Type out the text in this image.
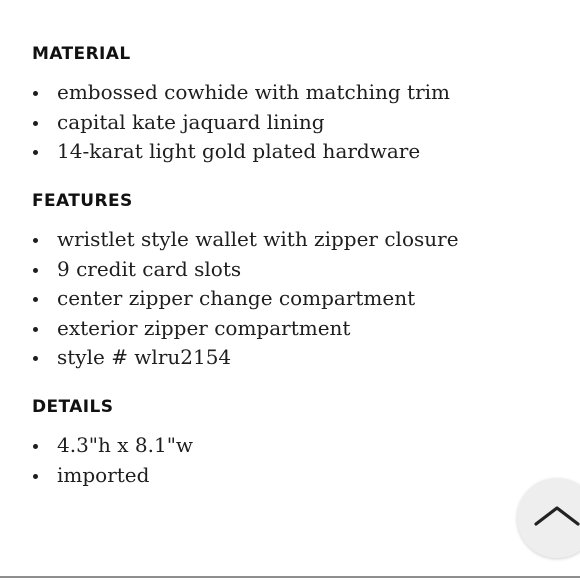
MATERIAL
embossed cowhide with matching trim
capital kate jaquard lining
14-karat light gold plated hardware
FEATURES
wristlet style wallet with zipper closure
9 credit card slots
center zipper change compartment
exterior zipper compartment
style # wlru2154
DETAILS
4.3"h x 8.1"w
imported
